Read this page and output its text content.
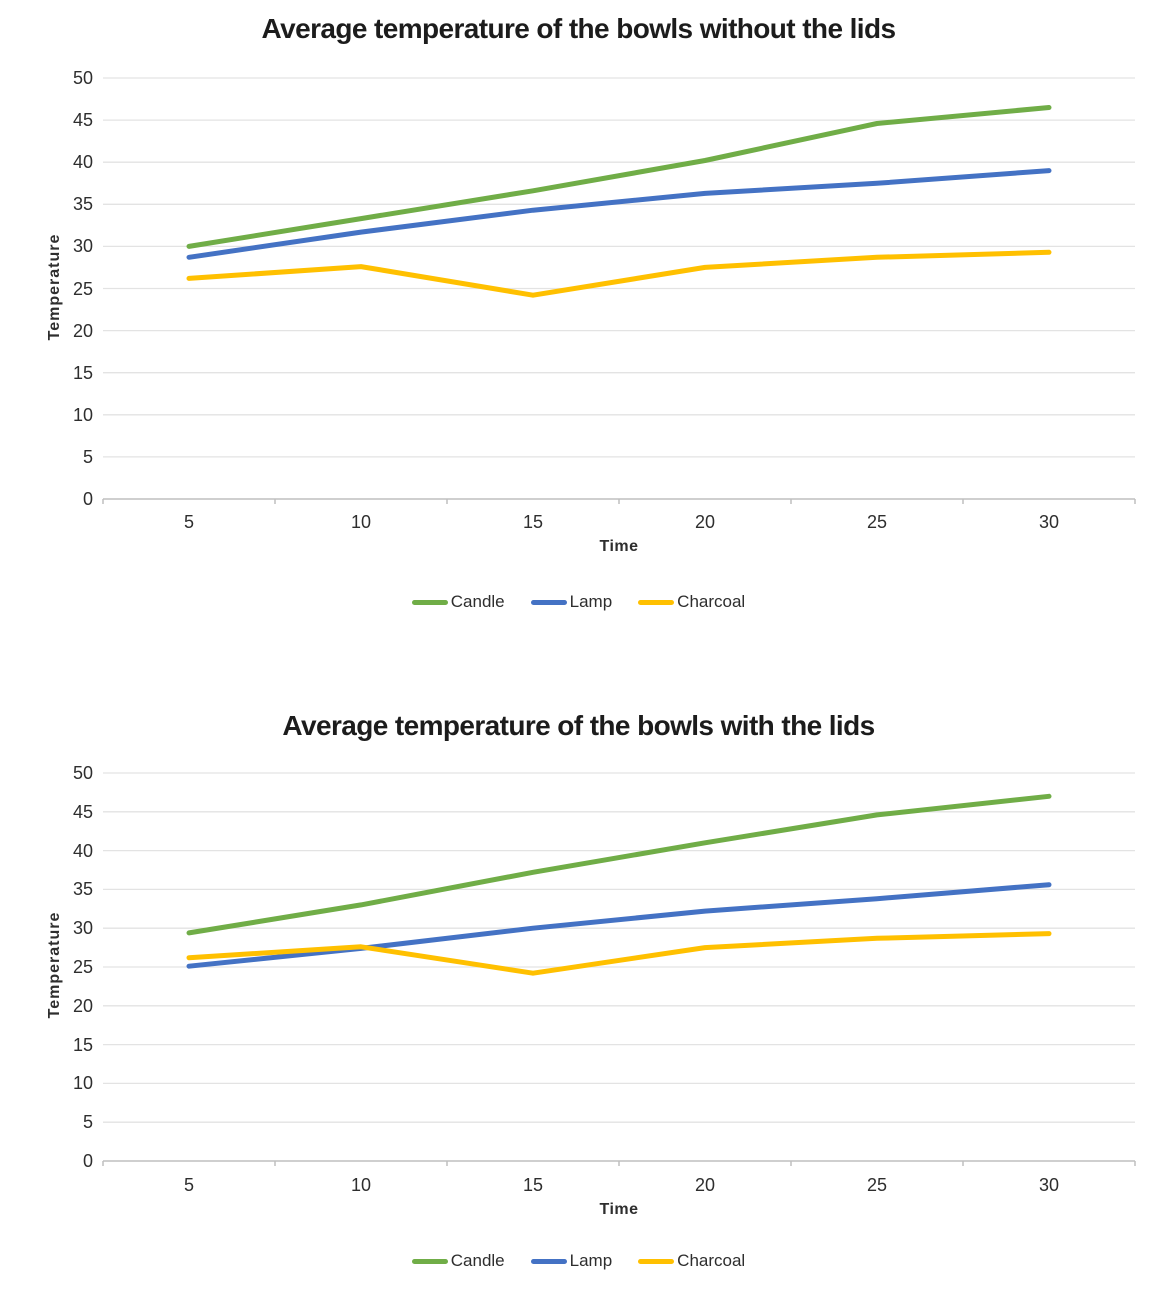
Average temperature of the bowls without the lids
0
5
10
15
20
25
30
35
40
45
50
5	10	15	20	25	30
Time
Temperature
Candle	Lamp	Charcoal
Average temperature of the bowls with the lids
0
5
10
15
20
25
30
35
40
45
50
5	10	15	20	25	30
Time
Temperature
Candle	Lamp	Charcoal
